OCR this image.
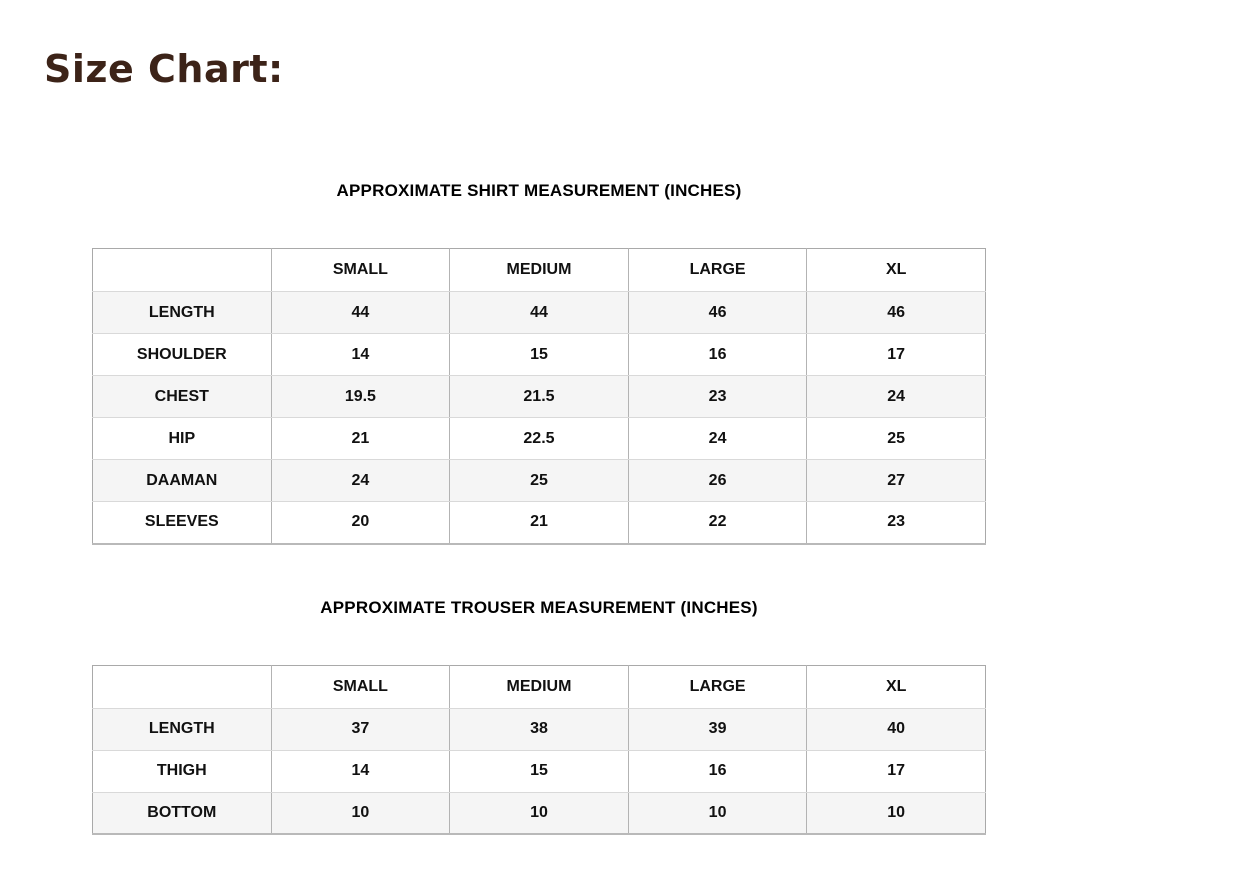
Size Chart:
APPROXIMATE SHIRT MEASUREMENT (INCHES)
	SMALL	MEDIUM	LARGE	XL
LENGTH	44	44	46	46
SHOULDER	14	15	16	17
CHEST	19.5	21.5	23	24
HIP	21	22.5	24	25
DAAMAN	24	25	26	27
SLEEVES	20	21	22	23
APPROXIMATE TROUSER MEASUREMENT (INCHES)
	SMALL	MEDIUM	LARGE	XL
LENGTH	37	38	39	40
THIGH	14	15	16	17
BOTTOM	10	10	10	10
